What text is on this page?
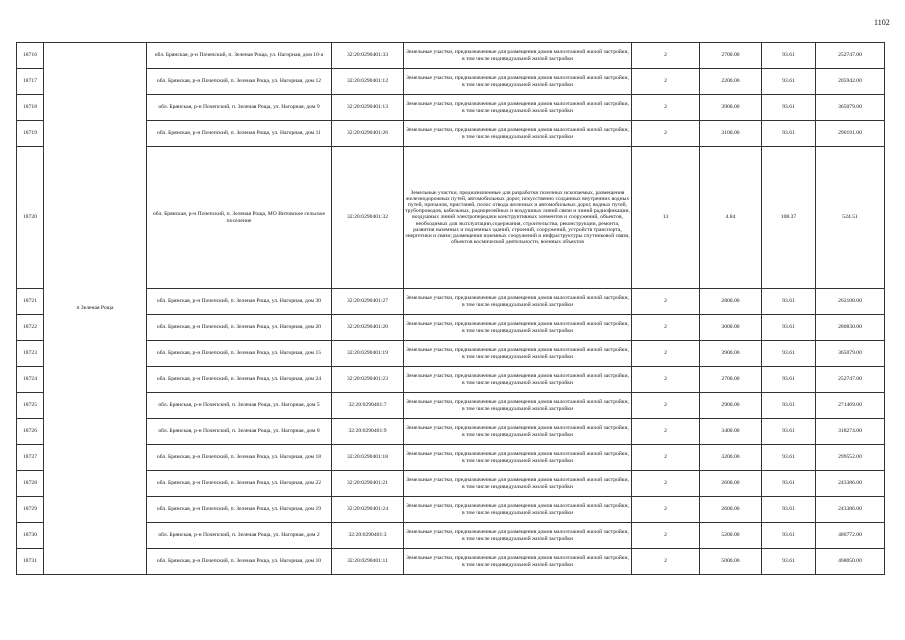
1102
18716	п Зеленая Роща	обл. Брянская, р-н Почепский, п. Зеленая Роща, ул. Нагорная, дом 10-а	32:20:0290401:33	Земельные участки, предназначенные для размещения домов малоэтажной жилой застройки, в том числе индивидуальной жилой застройки	2	2700.00	93.61	252747.00
18717		обл. Брянская, р-н Почепский, п. Зеленая Роща, ул. Нагорная, дом 12	32:20:0290401:12	Земельные участки, предназначенные для размещения домов малоэтажной жилой застройки, в том числе индивидуальной жилой застройки	2	2200.00	93.61	205942.00
18718		обл. Брянская, р-н Почепский, п. Зеленая Роща, ул. Нагорная, дом 9	32:20:0290401:13	Земельные участки, предназначенные для размещения домов малоэтажной жилой застройки, в том числе индивидуальной жилой застройки	2	3900.00	93.61	365079.00
18719		обл. Брянская, р-н Почепский, п. Зеленая Роща, ул. Нагорная, дом 11	32:20:0290401:26	Земельные участки, предназначенные для размещения домов малоэтажной жилой застройки, в том числе индивидуальной жилой застройки	2	3100.00	93.61	290191.00
18720		обл. Брянская, р-н Почепский, п. Зеленая Роща, МО Витовское сельское поселение	32:20:0290401:32	Земельные участки, предназначенные для разработки полезных ископаемых, размещения железнодорожных путей, автомобильных дорог, искусственно созданных внутренних водных путей, причалов, пристаней, полос отвода железных и автомобильных дорог, водных путей, трубопроводов, кабельных, радиорелейных и воздушных линий связи и линий радиофикации, воздушных линий электропередачи конструктивных элементов и сооружений, объектов, необходимых для эксплуатации,содержания, строительства, реконструкции, ремонта, развития наземных и подземных зданий, строений, сооружений, устройств транспорта, энергетики и связи; размещения наземных сооружений и инфраструктуры спутниковой связи, объектов космической деятельности, военных объектов	13	4.84	108.37	524.51
18721		обл. Брянская, р-н Почепский, п. Зеленая Роща, ул. Нагорная, дом 30	32:20:0290401:27	Земельные участки, предназначенные для размещения домов малоэтажной жилой застройки, в том числе индивидуальной жилой застройки	2	2800.00	93.61	262108.00
18722		обл. Брянская, р-н Почепский, п. Зеленая Роща, ул. Нагорная, дом 20	32:20:0290401:20	Земельные участки, предназначенные для размещения домов малоэтажной жилой застройки, в том числе индивидуальной жилой застройки	2	3000.00	93.61	280830.00
18723		обл. Брянская, р-н Почепский, п. Зеленая Роща, ул. Нагорная, дом 15	32:20:0290401:19	Земельные участки, предназначенные для размещения домов малоэтажной жилой застройки, в том числе индивидуальной жилой застройки	2	3900.00	93.61	365079.00
18724		обл. Брянская, р-н Почепский, п. Зеленая Роща, ул. Нагорная, дом 24	32:20:0290401:23	Земельные участки, предназначенные для размещения домов малоэтажной жилой застройки, в том числе индивидуальной жилой застройки	2	2700.00	93.61	252747.00
18725		обл. Брянская, р-н Почепский, п. Зеленая Роща, ул. Нагорная, дом 5	32:20:0290401:7	Земельные участки, предназначенные для размещения домов малоэтажной жилой застройки, в том числе индивидуальной жилой застройки	2	2900.00	93.61	271469.00
18726		обл. Брянская, р-н Почепский, п. Зеленая Роща, ул. Нагорная, дом 8	32:20:0290401:9	Земельные участки, предназначенные для размещения домов малоэтажной жилой застройки, в том числе индивидуальной жилой застройки	2	3400.00	93.61	318274.00
18727		обл. Брянская, р-н Почепский, п. Зеленая Роща, ул. Нагорная, дом 18	32:20:0290401:18	Земельные участки, предназначенные для размещения домов малоэтажной жилой застройки, в том числе индивидуальной жилой застройки	2	3200.00	93.61	299552.00
18728		обл. Брянская, р-н Почепский, п. Зеленая Роща, ул. Нагорная, дом 22	32:20:0290401:21	Земельные участки, предназначенные для размещения домов малоэтажной жилой застройки, в том числе индивидуальной жилой застройки	2	2600.00	93.61	243386.00
18729		обл. Брянская, р-н Почепский, п. Зеленая Роща, ул. Нагорная, дом 19	32:20:0290401:24	Земельные участки, предназначенные для размещения домов малоэтажной жилой застройки, в том числе индивидуальной жилой застройки	2	2600.00	93.61	243386.00
18730		обл. Брянская, р-н Почепский, п. Зеленая Роща, ул. Нагорная, дом 2	32:20:0290401:3	Земельные участки, предназначенные для размещения домов малоэтажной жилой застройки, в том числе индивидуальной жилой застройки	2	5200.00	93.61	486772.00
18731		обл. Брянская, р-н Почепский, п. Зеленая Роща, ул. Нагорная, дом 10	32:20:0290401:11	Земельные участки, предназначенные для размещения домов малоэтажной жилой застройки, в том числе индивидуальной жилой застройки	2	5000.00	93.61	468050.00
